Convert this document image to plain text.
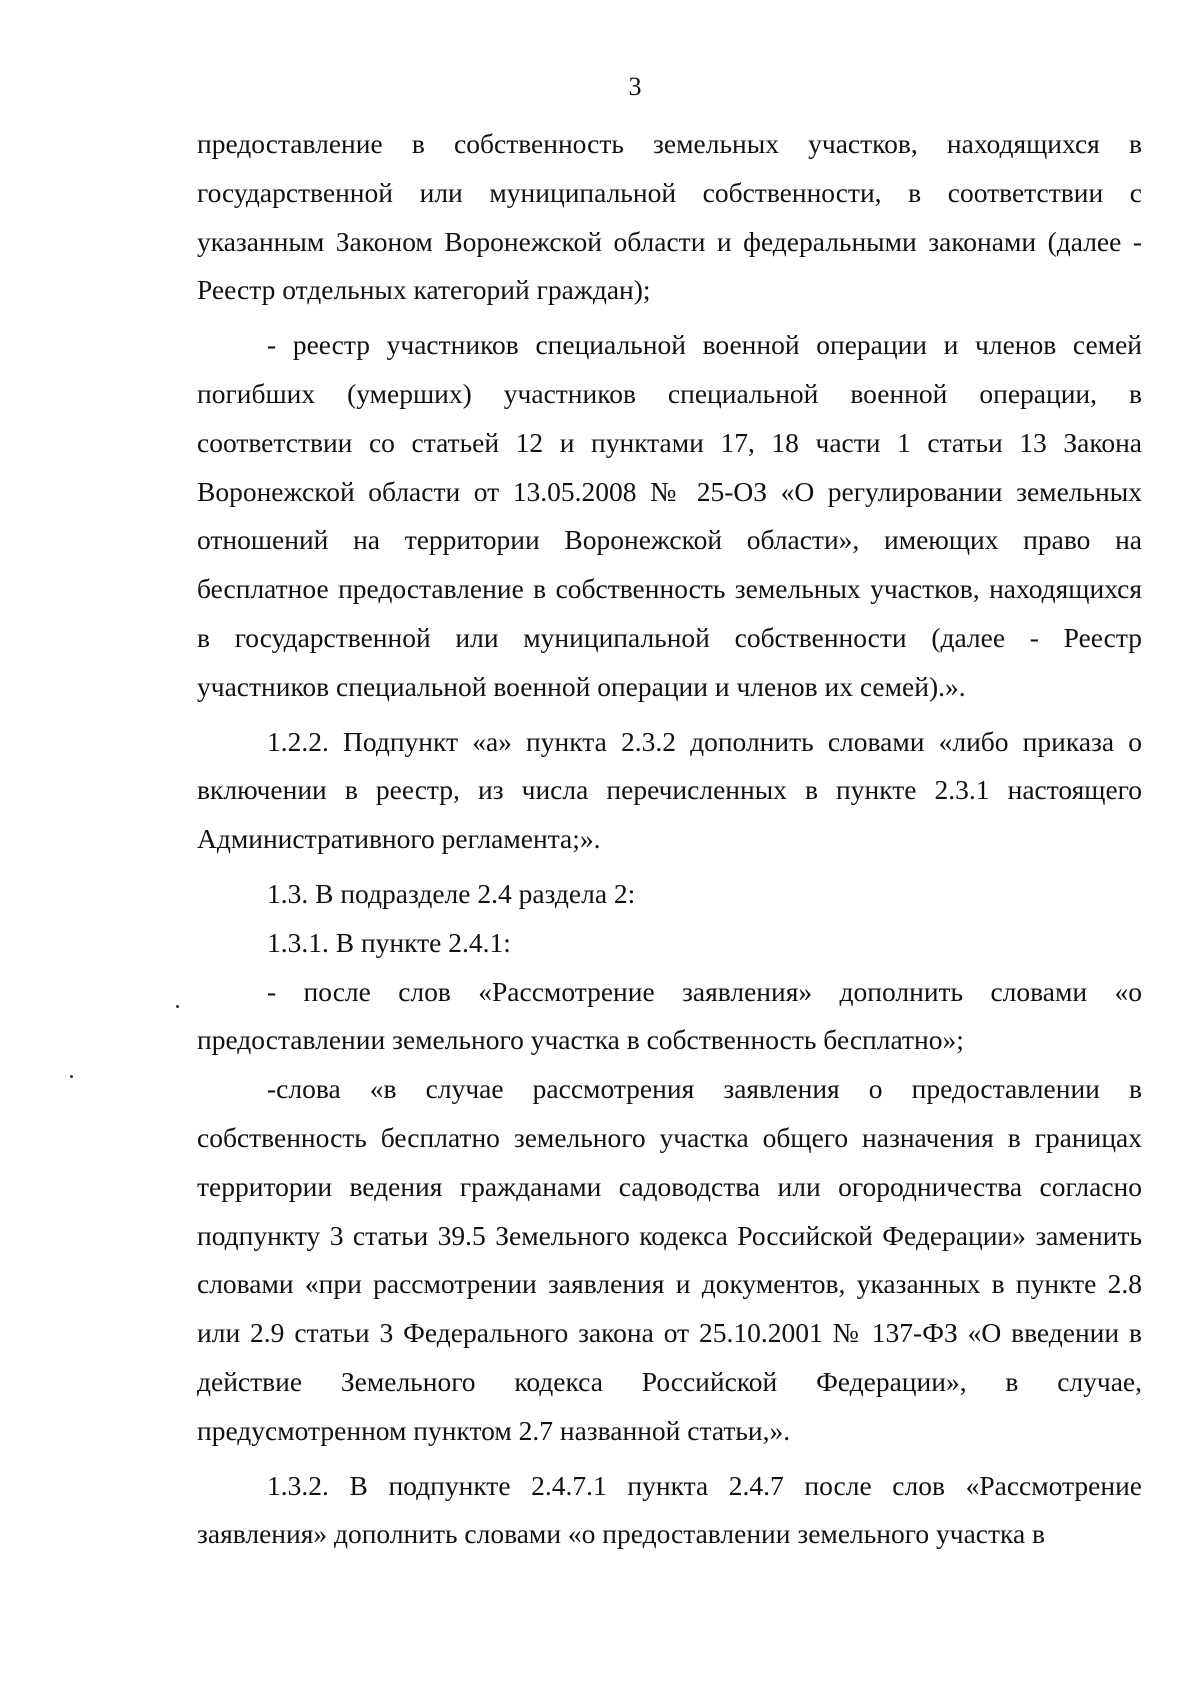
3

предоставление в собственность земельных участков, находящихся в государственной или муниципальной собственности, в соответствии с указанным Законом Воронежской области и федеральными законами (далее - Реестр отдельных категорий граждан);

- реестр участников специальной военной операции и членов семей погибших (умерших) участников специальной военной операции, в соответствии со статьей 12 и пунктами 17, 18 части 1 статьи 13 Закона Воронежской области от 13.05.2008 № 25-ОЗ «О регулировании земельных отношений на территории Воронежской области», имеющих право на бесплатное предоставление в собственность земельных участков, находящихся в государственной или муниципальной собственности (далее - Реестр участников специальной военной операции и членов их семей).».

1.2.2. Подпункт «а» пункта 2.3.2 дополнить словами «либо приказа о включении в реестр, из числа перечисленных в пункте 2.3.1 настоящего Административного регламента;».

1.3. В подразделе 2.4 раздела 2:

1.3.1. В пункте 2.4.1:

- после слов «Рассмотрение заявления» дополнить словами «о предоставлении земельного участка в собственность бесплатно»;

-слова «в случае рассмотрения заявления о предоставлении в собственность бесплатно земельного участка общего назначения в границах территории ведения гражданами садоводства или огородничества согласно подпункту 3 статьи 39.5 Земельного кодекса Российской Федерации» заменить словами «при рассмотрении заявления и документов, указанных в пункте 2.8 или 2.9 статьи 3 Федерального закона от 25.10.2001 № 137-ФЗ «О введении в действие Земельного кодекса Российской Федерации», в случае, предусмотренном пунктом 2.7 названной статьи,».

1.3.2. В подпункте 2.4.7.1 пункта 2.4.7 после слов «Рассмотрение заявления» дополнить словами «о предоставлении земельного участка в
